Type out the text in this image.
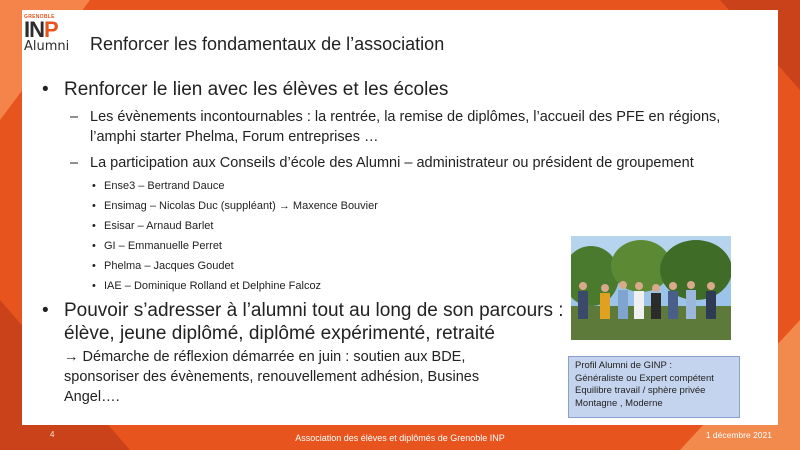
GRENOBLE
INP
Alumni Renforcer les fondamentaux de l’association

• Renforcer le lien avec les élèves et les écoles

– Les évènements incontournables : la rentrée, la remise de diplômes, l’accueil des PFE en régions, l’amphi starter Phelma, Forum entreprises …

– La participation aux Conseils d’école des Alumni – administrateur ou président de groupement

• Ense3 – Bertrand Dauce

• Ensimag – Nicolas Duc (suppléant) → Maxence Bouvier

• Esisar – Arnaud Barlet

• GI – Emmanuelle Perret

• Phelma – Jacques Goudet

• IAE – Dominique Rolland et Delphine Falcoz

• Pouvoir s’adresser à l’alumni tout au long de son parcours : élève, jeune diplômé, diplômé expérimenté, retraité

→ Démarche de réflexion démarrée en juin : soutien aux BDE, sponsoriser des évènements, renouvellement adhésion, Busines Angel….

Profil Alumni de GINP :
Généraliste ou Expert compétent
Equilibre travail / sphère privée
Montagne , Moderne
4	Association des élèves et diplômés de Grenoble INP	1 décembre 2021
